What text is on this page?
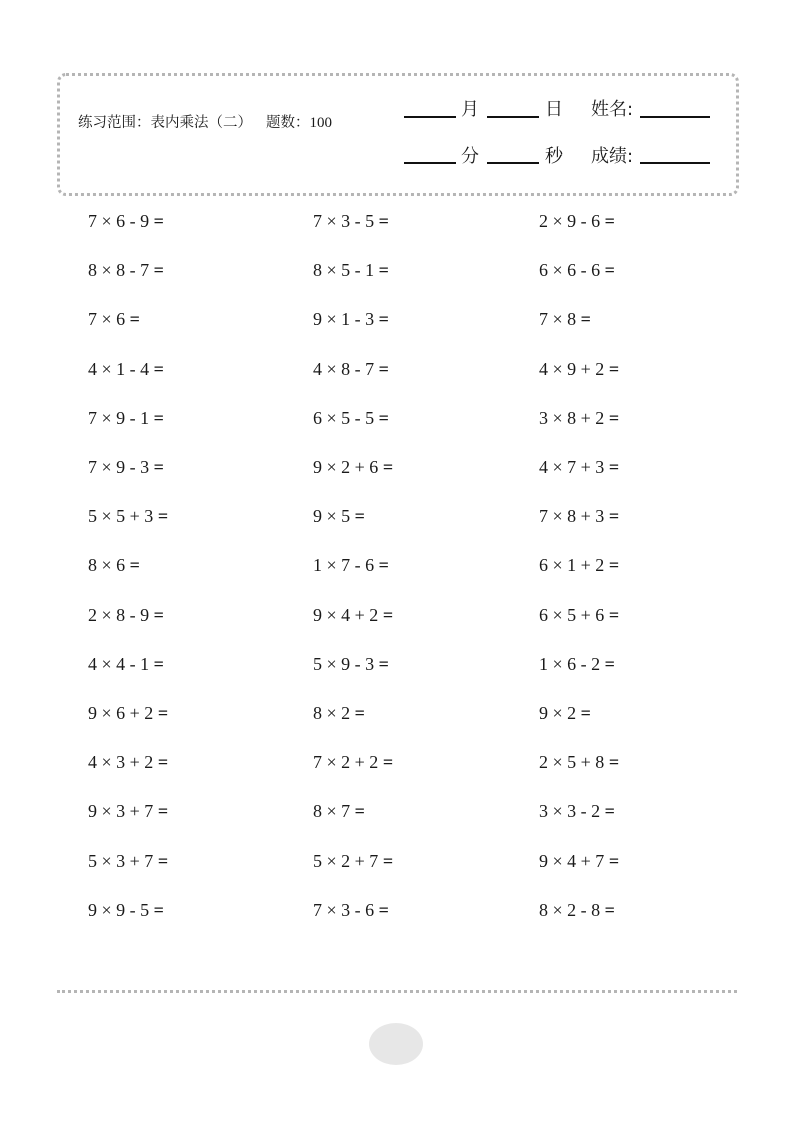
练习范围：表内乘法（二） 题数：100
月	日 姓名:
分	秒 成绩:
7 × 6 - 9 =	7 × 3 - 5 =	2 × 9 - 6 =
8 × 8 - 7 =	8 × 5 - 1 =	6 × 6 - 6 =
7 × 6 =	9 × 1 - 3 =	7 × 8 =
4 × 1 - 4 =	4 × 8 - 7 =	4 × 9 + 2 =
7 × 9 - 1 =	6 × 5 - 5 =	3 × 8 + 2 =
7 × 9 - 3 =	9 × 2 + 6 =	4 × 7 + 3 =
5 × 5 + 3 =	9 × 5 =	7 × 8 + 3 =
8 × 6 =	1 × 7 - 6 =	6 × 1 + 2 =
2 × 8 - 9 =	9 × 4 + 2 =	6 × 5 + 6 =
4 × 4 - 1 =	5 × 9 - 3 =	1 × 6 - 2 =
9 × 6 + 2 =	8 × 2 =	9 × 2 =
4 × 3 + 2 =	7 × 2 + 2 =	2 × 5 + 8 =
9 × 3 + 7 =	8 × 7 =	3 × 3 - 2 =
5 × 3 + 7 =	5 × 2 + 7 =	9 × 4 + 7 =
9 × 9 - 5 =	7 × 3 - 6 =	8 × 2 - 8 =
